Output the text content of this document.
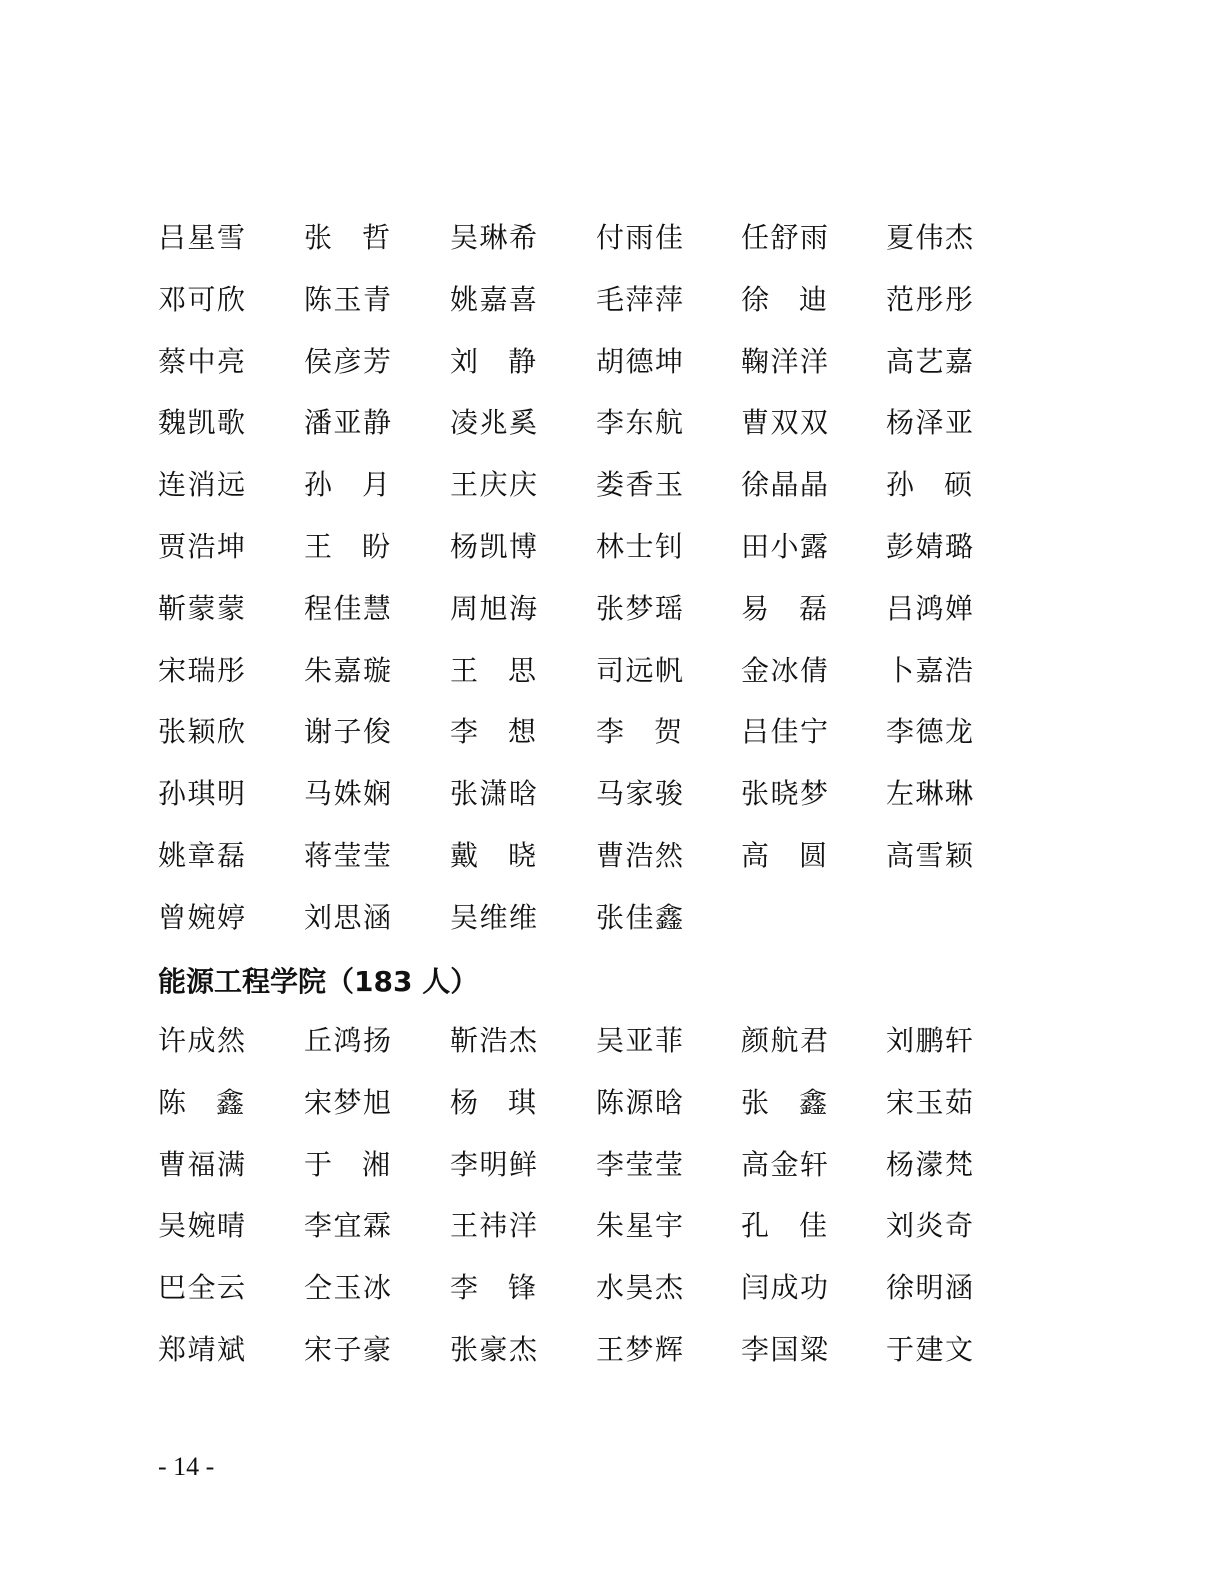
吕星雪	张 哲	吴琳希	付雨佳	任舒雨	夏伟杰
邓可欣	陈玉青	姚嘉喜	毛萍萍	徐 迪	范彤彤
蔡中亮	侯彦芳	刘 静	胡德坤	鞠洋洋	高艺嘉
魏凯歌	潘亚静	凌兆奚	李东航	曹双双	杨泽亚
连消远	孙 月	王庆庆	娄香玉	徐晶晶	孙 硕
贾浩坤	王 盼	杨凯博	林士钊	田小露	彭婧璐
靳蒙蒙	程佳慧	周旭海	张梦瑶	易 磊	吕鸿婵
宋瑞彤	朱嘉璇	王 思	司远帆	金冰倩	卜嘉浩
张颖欣	谢子俊	李 想	李 贺	吕佳宁	李德龙
孙琪明	马姝娴	张潇晗	马家骏	张晓梦	左琳琳
姚章磊	蒋莹莹	戴 晓	曹浩然	高 圆	高雪颖
曾婉婷	刘思涵	吴维维	张佳鑫
能源工程学院（183 人）
许成然	丘鸿扬	靳浩杰	吴亚菲	颜航君	刘鹏轩
陈 鑫	宋梦旭	杨 琪	陈源晗	张 鑫	宋玉茹
曹福满	于 湘	李明鲜	李莹莹	高金轩	杨濛梵
吴婉晴	李宜霖	王祎洋	朱星宇	孔 佳	刘炎奇
巴全云	仝玉冰	李 锋	水昊杰	闫成功	徐明涵
郑靖斌	宋子豪	张豪杰	王梦辉	李国粱	于建文
- 14 -
